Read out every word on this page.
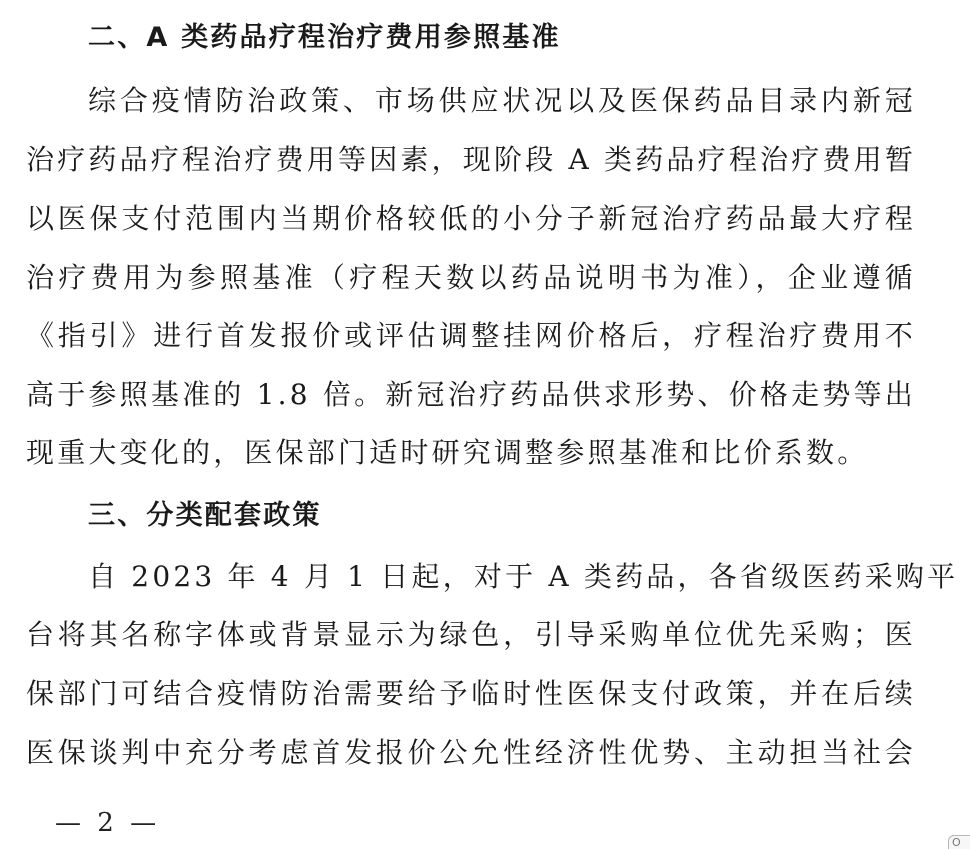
二、A 类药品疗程治疗费用参照基准
综合疫情防治政策、市场供应状况以及医保药品目录内新冠
治疗药品疗程治疗费用等因素，现阶段 A 类药品疗程治疗费用暂
以医保支付范围内当期价格较低的小分子新冠治疗药品最大疗程
治疗费用为参照基准（疗程天数以药品说明书为准），企业遵循
《指引》进行首发报价或评估调整挂网价格后，疗程治疗费用不
高于参照基准的 1.8 倍。新冠治疗药品供求形势、价格走势等出
现重大变化的，医保部门适时研究调整参照基准和比价系数。
三、分类配套政策
自 2023 年 4 月 1 日起，对于 A 类药品，各省级医药采购平
台将其名称字体或背景显示为绿色，引导采购单位优先采购；医
保部门可结合疫情防治需要给予临时性医保支付政策，并在后续
医保谈判中充分考虑首发报价公允性经济性优势、主动担当社会
— 2 —
O
